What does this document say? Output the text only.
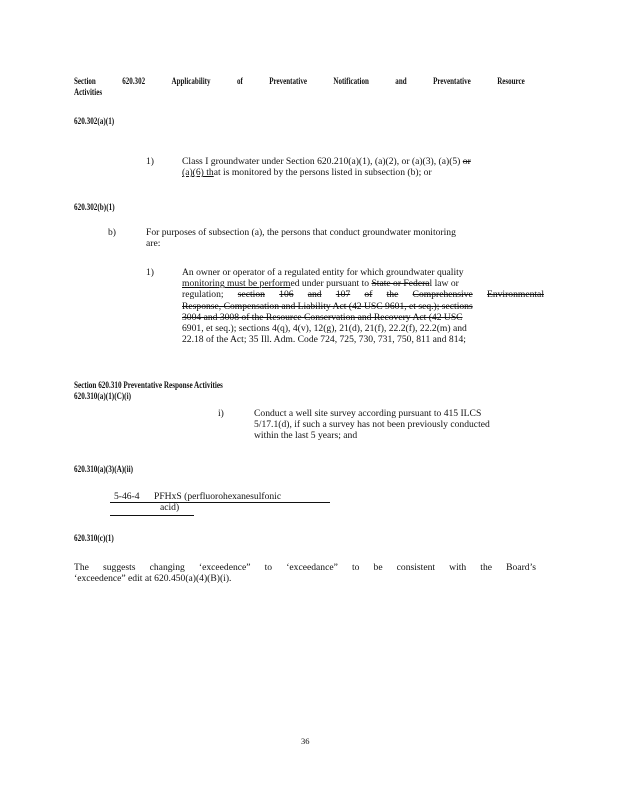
Section	620.302	Applicability	of	Preventative	Notification	and	Preventative	Resource
Activities
620.302(a)(1)
1)	Class I groundwater under Section 620.210(a)(1), (a)(2), or (a)(3), (a)(5) or
(a)(6) that is monitored by the persons listed in subsection (b); or
620.302(b)(1)
b)	For purposes of subsection (a), the persons that conduct groundwater monitoring
are:
1)	An owner or operator of a regulated entity for which groundwater quality
monitoring must be performed under pursuant to State or Federal law or
regulation; section 106 and 107 of the Comprehensive Environmental
Response, Compensation and Liability Act (42 USC 9601, et seq.); sections
3004 and 3008 of the Resource Conservation and Recovery Act (42 USC
6901, et seq.); sections 4(q), 4(v), 12(g), 21(d), 21(f), 22.2(f), 22.2(m) and
22.18 of the Act; 35 Ill. Adm. Code 724, 725, 730, 731, 750, 811 and 814;
Section 620.310 Preventative Response Activities
620.310(a)(1)(C)(i)
i)	Conduct a well site survey according pursuant to 415 ILCS
5/17.1(d), if such a survey has not been previously conducted
within the last 5 years; and
620.310(a)(3)(A)(ii)
5-46-4 PFHxS (perfluorohexanesulfonic
acid)
620.310(c)(1)
The suggests changing ‘exceedence” to ‘exceedance” to be consistent with the Board’s
‘exceedence” edit at 620.450(a)(4)(B)(i).
36
